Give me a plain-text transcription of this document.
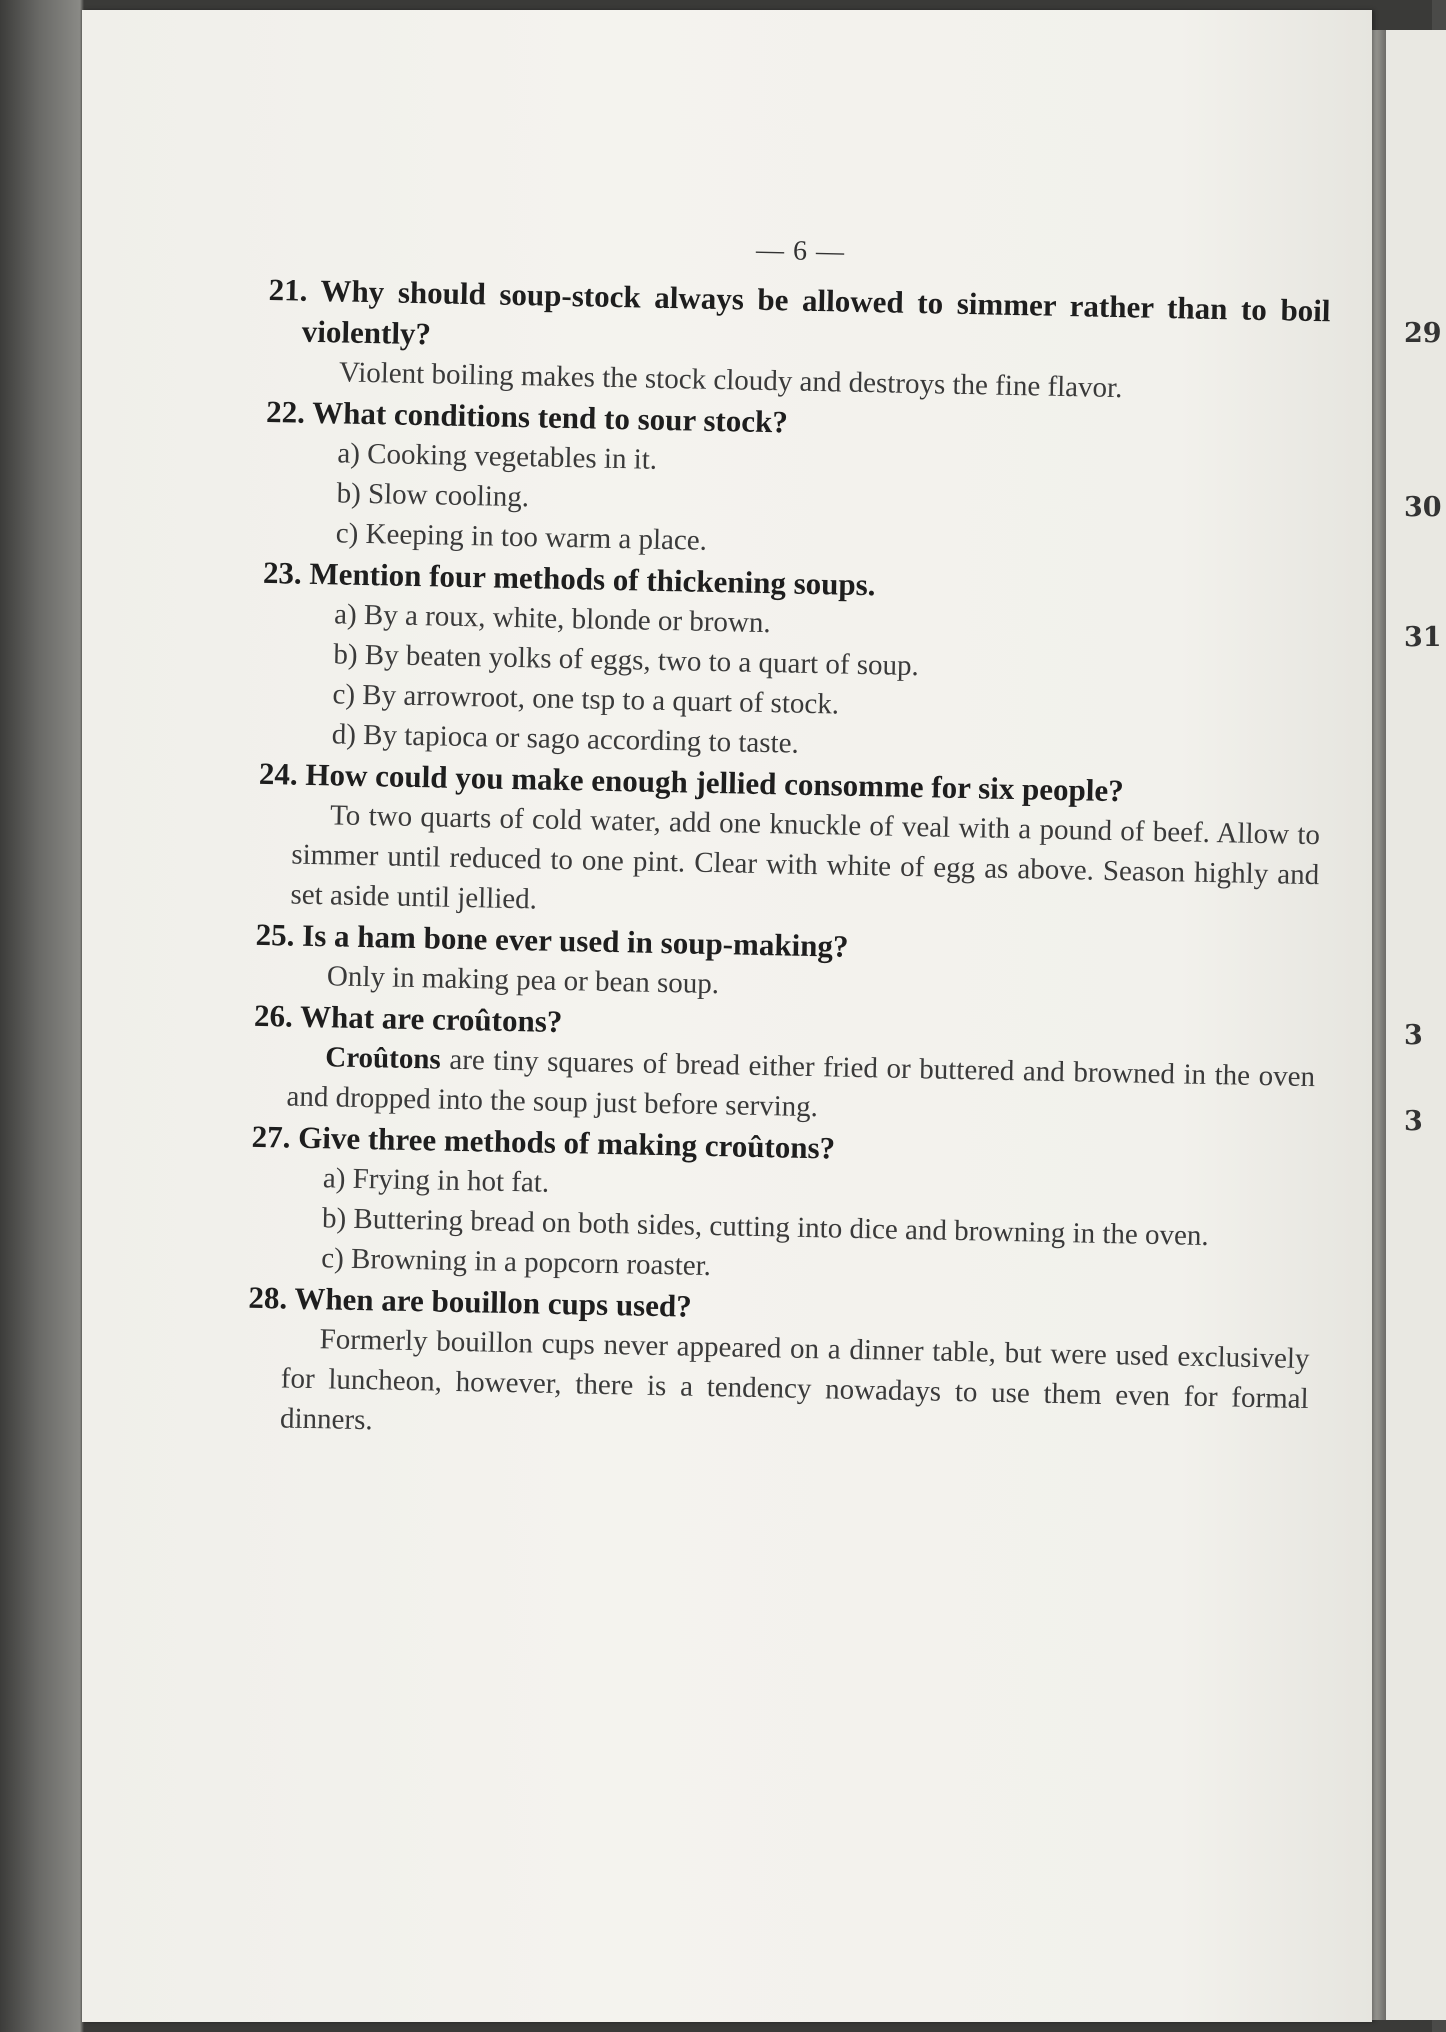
29
30
31
3
3

— 6 —

21. Why should soup-stock always be allowed to simmer rather than to boil violently?

Violent boiling makes the stock cloudy and destroys the fine flavor.

22. What conditions tend to sour stock?

a) Cooking vegetables in it.
b) Slow cooling.
c) Keeping in too warm a place.

23. Mention four methods of thickening soups.

a) By a roux, white, blonde or brown.
b) By beaten yolks of eggs, two to a quart of soup.
c) By arrowroot, one tsp to a quart of stock.
d) By tapioca or sago according to taste.

24. How could you make enough jellied consomme for six people?

To two quarts of cold water, add one knuckle of veal with a pound of beef. Allow to simmer until reduced to one pint. Clear with white of egg as above. Season highly and set aside until jellied.

25. Is a ham bone ever used in soup-making?

Only in making pea or bean soup.

26. What are croûtons?

Croûtons are tiny squares of bread either fried or buttered and browned in the oven and dropped into the soup just before serving.

27. Give three methods of making croûtons?

a) Frying in hot fat.
b) Buttering bread on both sides, cutting into dice and browning in the oven.
c) Browning in a popcorn roaster.

28. When are bouillon cups used?

Formerly bouillon cups never appeared on a dinner table, but were used exclusively for luncheon, however, there is a tendency nowadays to use them even for formal dinners.
